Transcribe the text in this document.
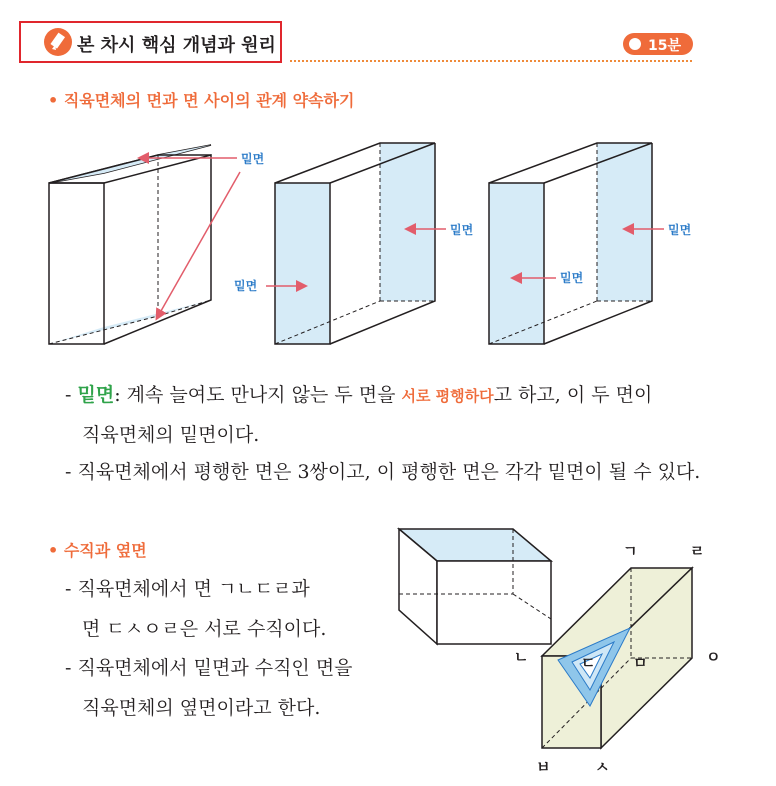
본 차시 핵심 개념과 원리	15분
• 직육면체의 면과 면 사이의 관계 약속하기
밑면
밑면
밑면
밑면
밑면
- 밑면: 계속 늘여도 만나지 않는 두 면을 서로 평행하다고 하고, 이 두 면이
직육면체의 밑면이다.
- 직육면체에서 평행한 면은 3쌍이고, 이 평행한 면은 각각 밑면이 될 수 있다.
• 수직과 옆면
- 직육면체에서 면 ㄱㄴㄷㄹ과
면 ㄷㅅㅇㄹ은 서로 수직이다.
- 직육면체에서 밑면과 수직인 면을
직육면체의 옆면이라고 한다.
ㄱ	ㄹ
ㄴ	ㄷ	ㅁ	ㅇ
ㅂ	ㅅ
